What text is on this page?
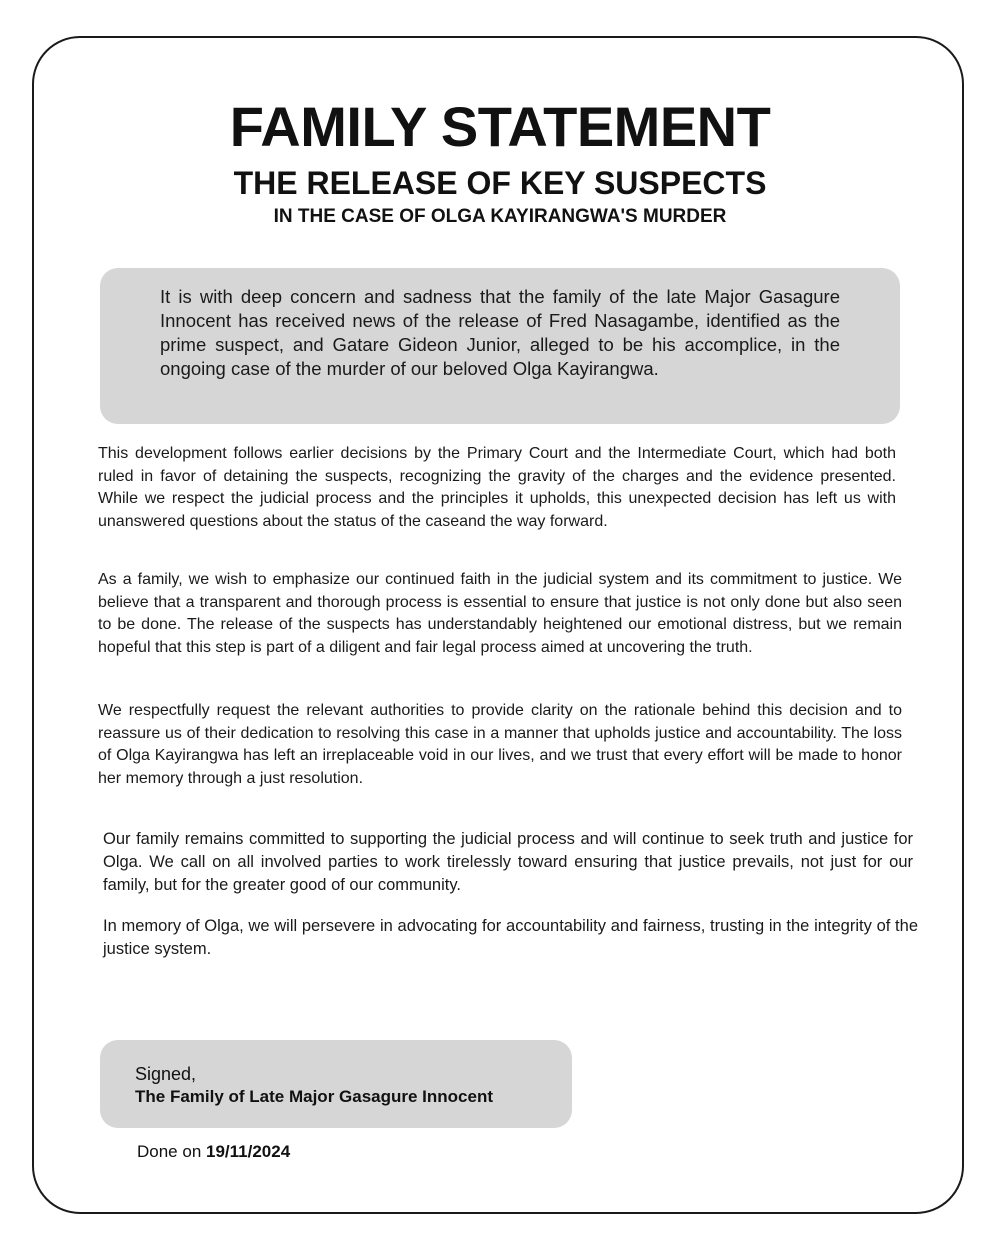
FAMILY STATEMENT
THE RELEASE OF KEY SUSPECTS
IN THE CASE OF OLGA KAYIRANGWA'S MURDER

It is with deep concern and sadness that the family of the late Major Gasagure Innocent has received news of the release of Fred Nasagambe, identified as the prime suspect, and Gatare Gideon Junior, alleged to be his accomplice, in the ongoing case of the murder of our beloved Olga Kayirangwa.

This development follows earlier decisions by the Primary Court and the Intermediate Court, which had both ruled in favor of detaining the suspects, recognizing the gravity of the charges and the evidence presented. While we respect the judicial process and the principles it upholds, this unexpected decision has left us with unanswered questions about the status of the caseand the way forward.

As a family, we wish to emphasize our continued faith in the judicial system and its commitment to justice. We believe that a transparent and thorough process is essential to ensure that justice is not only done but also seen to be done. The release of the suspects has understandably heightened our emotional distress, but we remain hopeful that this step is part of a diligent and fair legal process aimed at uncovering the truth.

We respectfully request the relevant authorities to provide clarity on the rationale behind this decision and to reassure us of their dedication to resolving this case in a manner that upholds justice and accountability. The loss of Olga Kayirangwa has left an irreplaceable void in our lives, and we trust that every effort will be made to honor her memory through a just resolution.

Our family remains committed to supporting the judicial process and will continue to seek truth and justice for Olga. We call on all involved parties to work tirelessly toward ensuring that justice prevails, not just for our family, but for the greater good of our community.

In memory of Olga, we will persevere in advocating for accountability and fairness, trusting in the integrity of the justice system.

Signed,

The Family of Late Major Gasagure Innocent

Done on 19/11/2024
